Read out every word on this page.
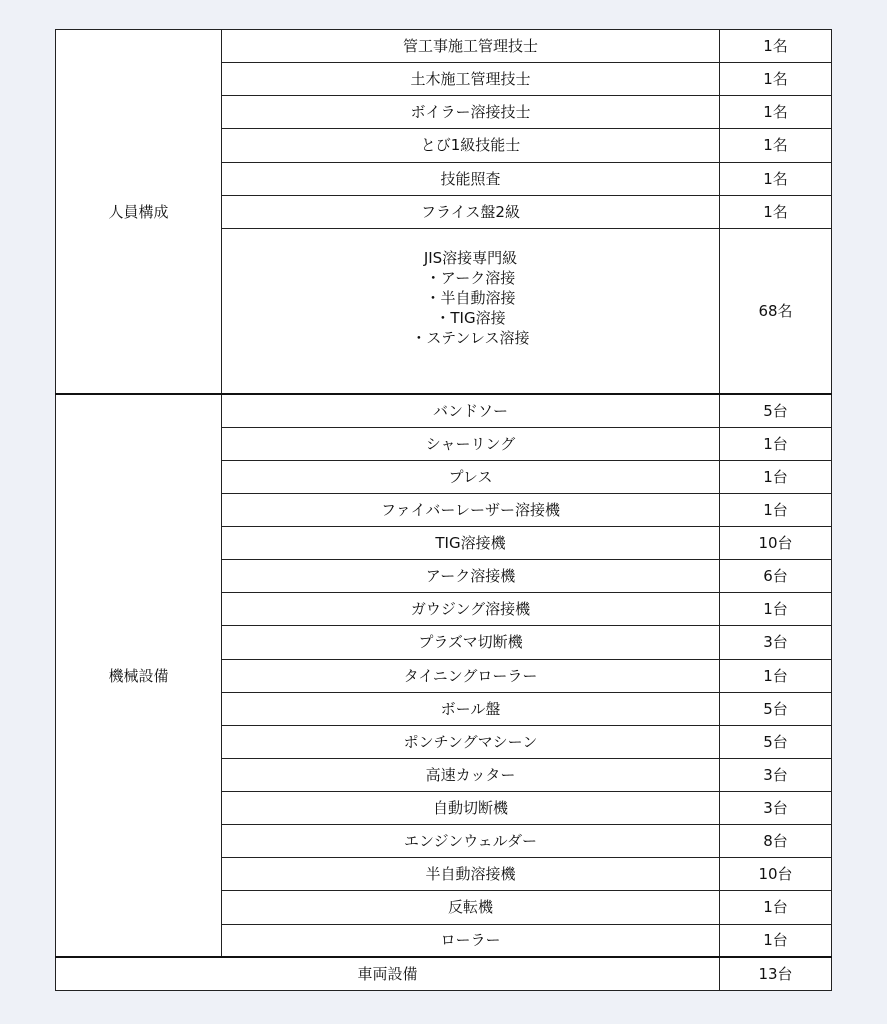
人員構成	管工事施工管理技士	1名
	土木施工管理技士	1名
	ボイラー溶接技士	1名
	とび1級技能士	1名
	技能照査	1名
	フライス盤2級	1名

	JIS溶接専門級
・アーク溶接
・半自動溶接
・TIG溶接
・ステンレス溶接	68名
機械設備	バンドソー	5台
	シャーリング	1台
	プレス	1台
	ファイバーレーザー溶接機	1台
	TIG溶接機	10台
	アーク溶接機	6台
	ガウジング溶接機	1台
	プラズマ切断機	3台
	タイニングローラー	1台
	ボール盤	5台
	ポンチングマシーン	5台
	高速カッター	3台
	自動切断機	3台
	エンジンウェルダー	8台
	半自動溶接機	10台
	反転機	1台
	ローラー	1台
車両設備		13台
